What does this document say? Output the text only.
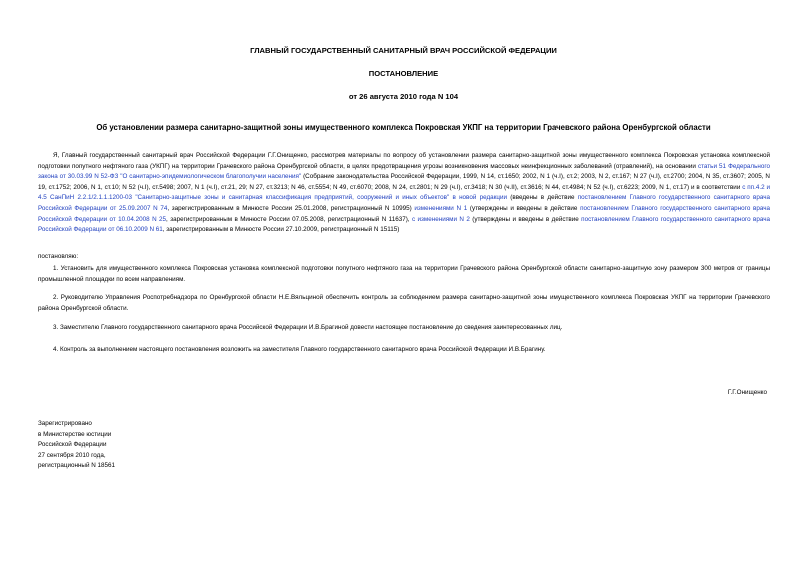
ГЛАВНЫЙ ГОСУДАРСТВЕННЫЙ САНИТАРНЫЙ ВРАЧ РОССИЙСКОЙ ФЕДЕРАЦИИ
ПОСТАНОВЛЕНИЕ
от 26 августа 2010 года N 104
Об установлении размера санитарно-защитной зоны имущественного комплекса Покровская УКПГ на территории Грачевского района Оренбургской области
Я, Главный государственный санитарный врач Российской Федерации Г.Г.Онищенко, рассмотрев материалы по вопросу об установлении размера санитарно-защитной зоны имущественного комплекса Покровская установка комплексной подготовки попутного нефтяного газа (УКПГ) на территории Грачевского района Оренбургской области, в целях предотвращения угрозы возникновения массовых неинфекционных заболеваний (отравлений), на основании статьи 51 Федерального закона от 30.03.99 N 52-ФЗ "О санитарно-эпидемиологическом благополучии населения" (Собрание законодательства Российской Федерации, 1999, N 14, ст.1650; 2002, N 1 (ч.I), ст.2; 2003, N 2, ст.167; N 27 (ч.I), ст.2700; 2004, N 35, ст.3607; 2005, N 19, ст.1752; 2006, N 1, ст.10; N 52 (ч.I), ст.5498; 2007, N 1 (ч.I), ст.21, 29; N 27, ст.3213; N 46, ст.5554; N 49, ст.6070; 2008, N 24, ст.2801; N 29 (ч.I), ст.3418; N 30 (ч.II), ст.3616; N 44, ст.4984; N 52 (ч.I), ст.6223; 2009, N 1, ст.17) и в соответствии с пп.4.2 и 4.5 СанПиН 2.2.1/2.1.1.1200-03 "Санитарно-защитные зоны и санитарная классификация предприятий, сооружений и иных объектов" в новой редакции (введены в действие постановлением Главного государственного санитарного врача Российской Федерации от 25.09.2007 N 74, зарегистрированным в Минюсте России 25.01.2008, регистрационный N 10995) изменениями N 1 (утверждены и введены в действие постановлением Главного государственного санитарного врача Российской Федерации от 10.04.2008 N 25, зарегистрированным в Минюсте России 07.05.2008, регистрационный N 11637), с изменениями N 2 (утверждены и введены в действие постановлением Главного государственного санитарного врача Российской Федерации от 06.10.2009 N 61, зарегистрированным в Минюсте России 27.10.2009, регистрационный N 15115)
постановляю:
1. Установить для имущественного комплекса Покровская установка комплексной подготовки попутного нефтяного газа на территории Грачевского района Оренбургской области санитарно-защитную зону размером 300 метров от границы промышленной площадки по всем направлениям.
2. Руководителю Управления Роспотребнадзора по Оренбургской области Н.Е.Вяльциной обеспечить контроль за соблюдением размера санитарно-защитной зоны имущественного комплекса Покровская УКПГ на территории Грачевского района Оренбургской области.
3. Заместителю Главного государственного санитарного врача Российской Федерации И.В.Брагиной довести настоящее постановление до сведения заинтересованных лиц.
4. Контроль за выполнением настоящего постановления возложить на заместителя Главного государственного санитарного врача Российской Федерации И.В.Брагину.
Г.Г.Онищенко
Зарегистрировано
в Министерстве юстиции
Российской Федерации
27 сентября 2010 года,
регистрационный N 18561
